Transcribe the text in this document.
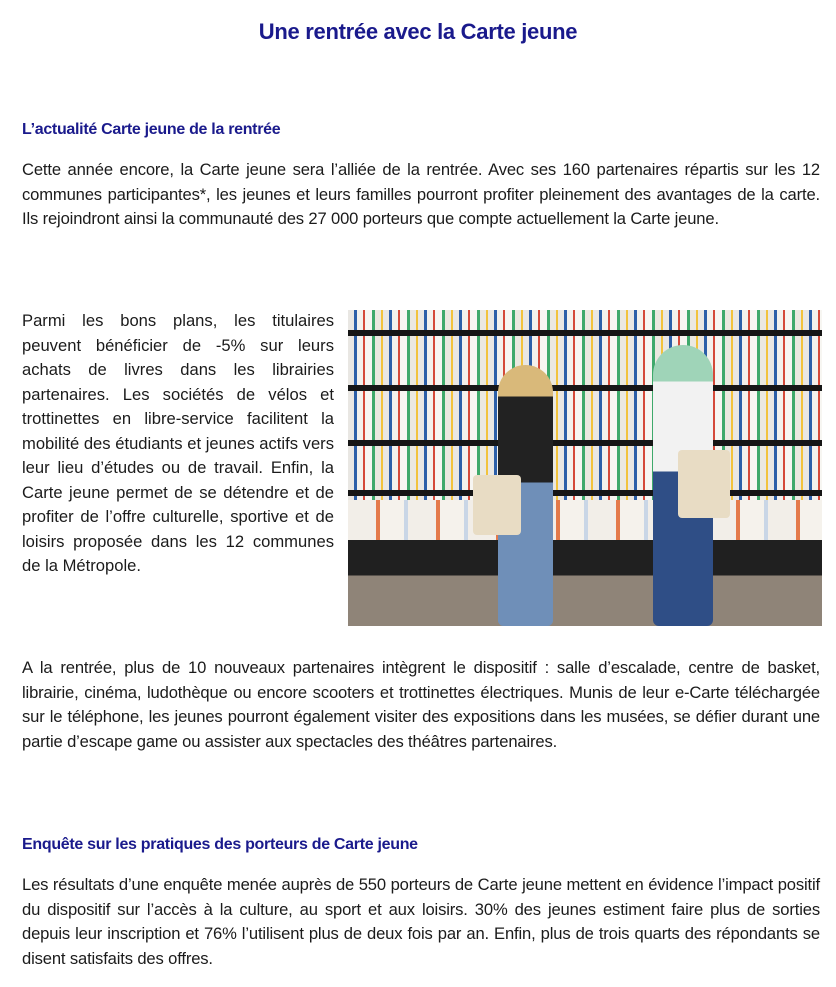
Une rentrée avec la Carte jeune
L’actualité Carte jeune de la rentrée
Cette année encore, la Carte jeune sera l’alliée de la rentrée. Avec ses 160 partenaires répartis sur les 12 communes participantes*, les jeunes et leurs familles pourront profiter pleinement des avantages de la carte. Ils rejoindront ainsi la communauté des 27 000 porteurs que compte actuellement la Carte jeune.
Parmi les bons plans, les titulaires peuvent bénéficier de -5% sur leurs achats de livres dans les librairies partenaires. Les sociétés de vélos et trottinettes en libre-service facilitent la mobilité des étudiants et jeunes actifs vers leur lieu d’études ou de travail. Enfin, la Carte jeune permet de se détendre et de profiter de l’offre culturelle, sportive et de loisirs proposée dans les 12 communes de la Métropole.
A la rentrée, plus de 10 nouveaux partenaires intègrent le dispositif : salle d’escalade, centre de basket, librairie, cinéma, ludothèque ou encore scooters et trottinettes électriques. Munis de leur e-Carte téléchargée sur le téléphone, les jeunes pourront également visiter des expositions dans les musées, se défier durant une partie d’escape game ou assister aux spectacles des théâtres partenaires.
Enquête sur les pratiques des porteurs de Carte jeune
Les résultats d’une enquête menée auprès de 550 porteurs de Carte jeune mettent en évidence l’impact positif du dispositif sur l’accès à la culture, au sport et aux loisirs. 30% des jeunes estiment faire plus de sorties depuis leur inscription et 76% l’utilisent plus de deux fois par an. Enfin, plus de trois quarts des répondants se disent satisfaits des offres.
